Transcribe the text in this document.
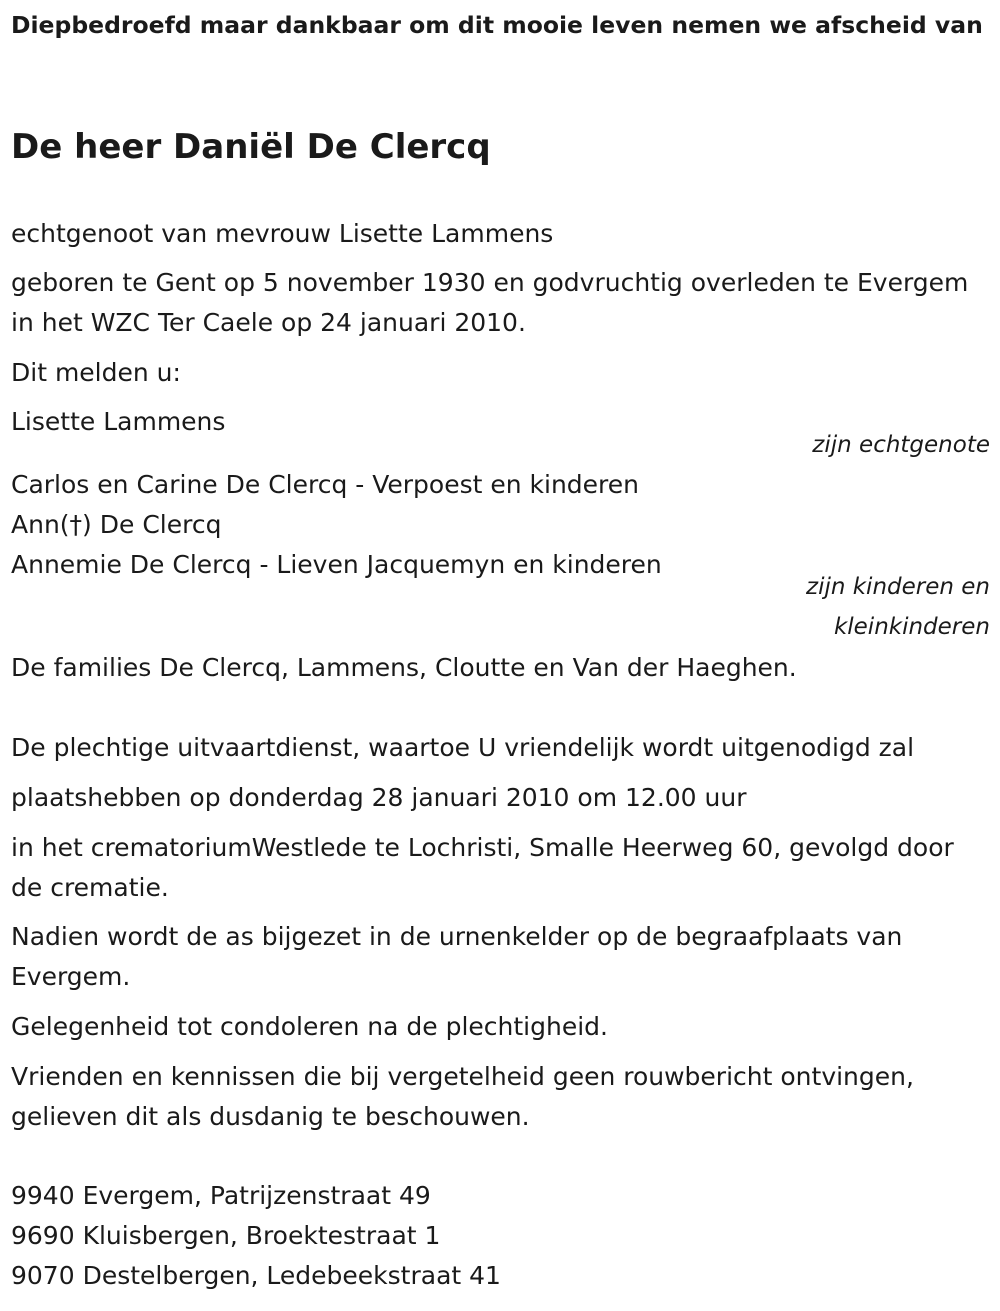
Diepbedroefd maar dankbaar om dit mooie leven nemen we afscheid van
De heer Daniël De Clercq
echtgenoot van mevrouw Lisette Lammens
geboren te Gent op 5 november 1930 en godvruchtig overleden te Evergem in het WZC Ter Caele op 24 januari 2010.
Dit melden u:
Lisette Lammens
zijn echtgenote
Carlos en Carine De Clercq - Verpoest en kinderen
Ann(†) De Clercq
Annemie De Clercq - Lieven Jacquemyn en kinderen
zijn kinderen en
kleinkinderen
De families De Clercq, Lammens, Cloutte en Van der Haeghen.
De plechtige uitvaartdienst, waartoe U vriendelijk wordt uitgenodigd zal
plaatshebben op donderdag 28 januari 2010 om 12.00 uur
in het crematoriumWestlede te Lochristi, Smalle Heerweg 60, gevolgd door de crematie.
Nadien wordt de as bijgezet in de urnenkelder op de begraafplaats van Evergem.
Gelegenheid tot condoleren na de plechtigheid.
Vrienden en kennissen die bij vergetelheid geen rouwbericht ontvingen, gelieven dit als dusdanig te beschouwen.
9940 Evergem, Patrijzenstraat 49
9690 Kluisbergen, Broektestraat 1
9070 Destelbergen, Ledebeekstraat 41
